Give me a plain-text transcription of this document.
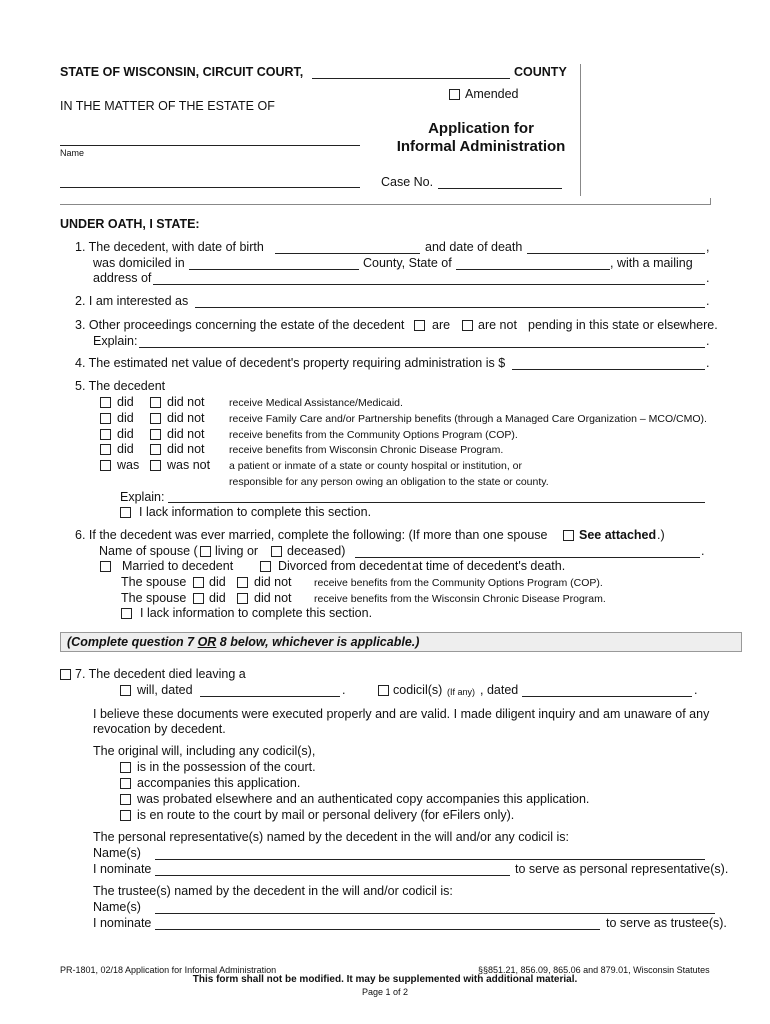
STATE OF WISCONSIN, CIRCUIT COURT,	COUNTY
Amended
IN THE MATTER OF THE ESTATE OF
Application for
Informal Administration
Name
Case No.
UNDER OATH, I STATE:
1. The decedent, with date of birth	and date of death	,
was domiciled in	County, State of	, with a mailing
address of	.
2. I am interested as	.
3. Other proceedings concerning the estate of the decedent are are not pending in this state or elsewhere.
Explain:	.
4. The estimated net value of decedent's property requiring administration is $	.
5. The decedent
did	did not receive Medical Assistance/Medicaid.
did	did not receive Family Care and/or Partnership benefits (through a Managed Care Organization – MCO/CMO).
did	did not receive benefits from the Community Options Program (COP).
did	did not receive benefits from Wisconsin Chronic Disease Program.
was was not a patient or inmate of a state or county hospital or institution, or
responsible for any person owing an obligation to the state or county.
Explain:
I lack information to complete this section.
6. If the decedent was ever married, complete the following: (If more than one spouse	See attached .)
Name of spouse ( living or deceased)	.
Married to decedent	Divorced from decedent at time of decedent's death.
The spouse did did not receive benefits from the Community Options Program (COP).
The spouse did did not receive benefits from the Wisconsin Chronic Disease Program.
I lack information to complete this section.
(Complete question 7 OR 8 below, whichever is applicable.)
7. The decedent died leaving a
will, dated	.	codicil(s) (If any) , dated	.
I believe these documents were executed properly and are valid. I made diligent inquiry and am unaware of any
revocation by decedent.
The original will, including any codicil(s),
is in the possession of the court.
accompanies this application.
was probated elsewhere and an authenticated copy accompanies this application.
is en route to the court by mail or personal delivery (for eFilers only).
The personal representative(s) named by the decedent in the will and/or any codicil is:
Name(s)
I nominate	to serve as personal representative(s).
The trustee(s) named by the decedent in the will and/or codicil is:
Name(s)
I nominate	to serve as trustee(s).
PR-1801, 02/18 Application for Informal Administration	§§851.21, 856.09, 865.06 and 879.01, Wisconsin Statutes
This form shall not be modified. It may be supplemented with additional material.
Page 1 of 2
